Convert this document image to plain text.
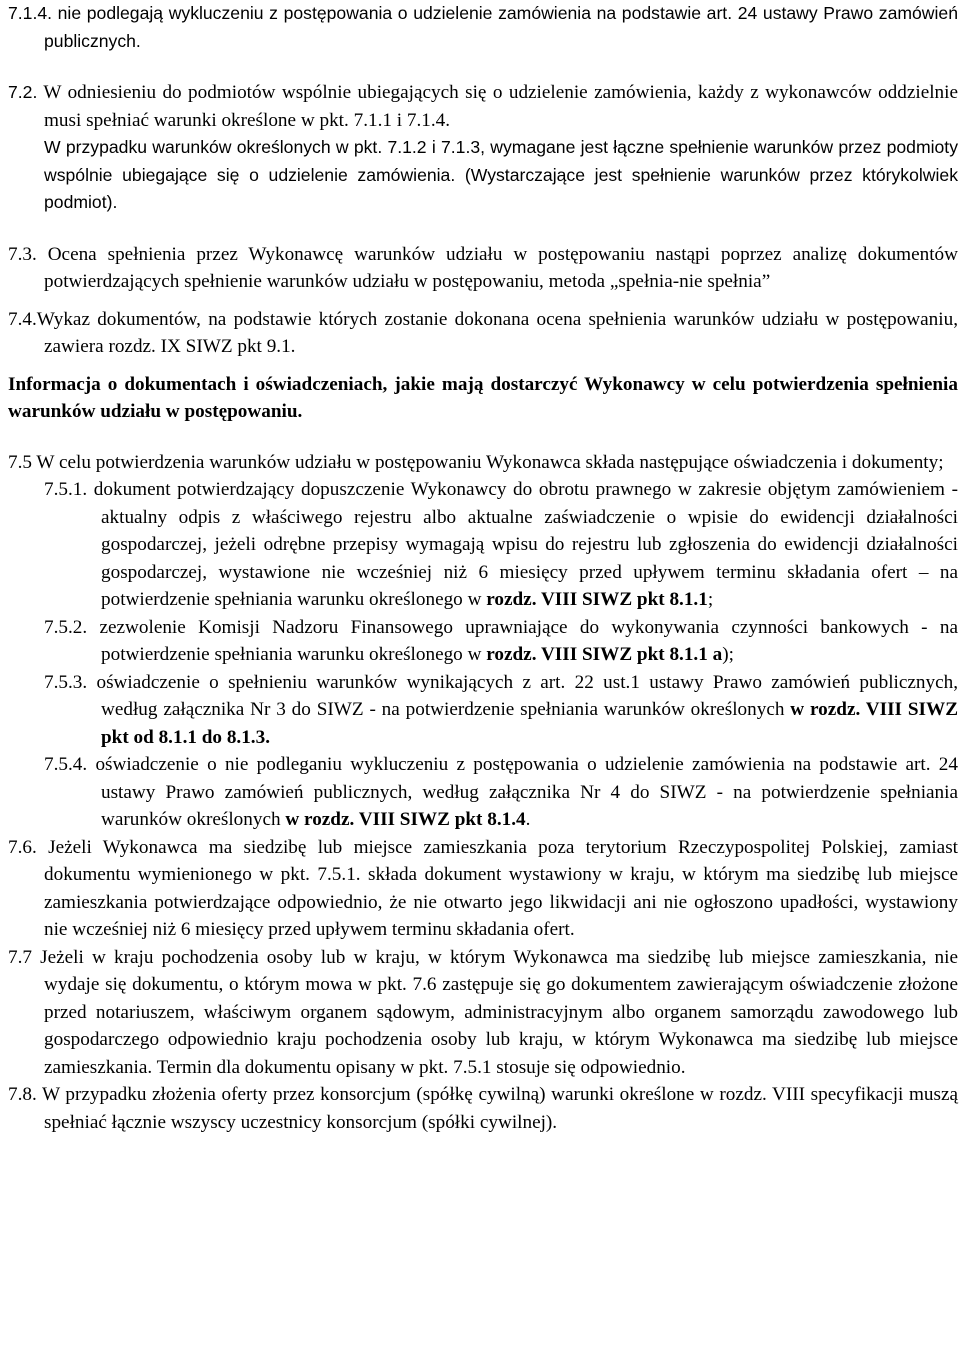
7.1.4. nie podlegają wykluczeniu z postępowania o udzielenie zamówienia na podstawie art. 24 ustawy Prawo zamówień publicznych.

7.2. W odniesieniu do podmiotów wspólnie ubiegających się o udzielenie zamówienia, każdy z wykonawców oddzielnie musi spełniać warunki określone w pkt. 7.1.1 i 7.1.4.
W przypadku warunków określonych w pkt. 7.1.2 i 7.1.3, wymagane jest łączne spełnienie warunków przez podmioty wspólnie ubiegające się o udzielenie zamówienia. (Wystarczające jest spełnienie warunków przez którykolwiek podmiot).

7.3. Ocena spełnienia przez Wykonawcę warunków udziału w postępowaniu nastąpi poprzez analizę dokumentów potwierdzających spełnienie warunków udziału w postępowaniu, metoda „spełnia-nie spełnia”

7.4.Wykaz dokumentów, na podstawie których zostanie dokonana ocena spełnienia warunków udziału w postępowaniu, zawiera rozdz. IX SIWZ pkt 9.1.

Informacja o dokumentach i oświadczeniach, jakie mają dostarczyć Wykonawcy w celu potwierdzenia spełnienia warunków udziału w postępowaniu.

7.5 W celu potwierdzenia warunków udziału w postępowaniu Wykonawca składa następujące oświadczenia i dokumenty;

7.5.1. dokument potwierdzający dopuszczenie Wykonawcy do obrotu prawnego w zakresie objętym zamówieniem - aktualny odpis z właściwego rejestru albo aktualne zaświadczenie o wpisie do ewidencji działalności gospodarczej, jeżeli odrębne przepisy wymagają wpisu do rejestru lub zgłoszenia do ewidencji działalności gospodarczej, wystawione nie wcześniej niż 6 miesięcy przed upływem terminu składania ofert – na potwierdzenie spełniania warunku określonego w rozdz. VIII SIWZ pkt 8.1.1;

7.5.2. zezwolenie Komisji Nadzoru Finansowego uprawniające do wykonywania czynności bankowych - na potwierdzenie spełniania warunku określonego w rozdz. VIII SIWZ pkt 8.1.1 a);

7.5.3. oświadczenie o spełnieniu warunków wynikających z art. 22 ust.1 ustawy Prawo zamówień publicznych, według załącznika Nr 3 do SIWZ - na potwierdzenie spełniania warunków określonych w rozdz. VIII SIWZ pkt od 8.1.1 do 8.1.3.

7.5.4. oświadczenie o nie podleganiu wykluczeniu z postępowania o udzielenie zamówienia na podstawie art. 24 ustawy Prawo zamówień publicznych, według załącznika Nr 4 do SIWZ - na potwierdzenie spełniania warunków określonych w rozdz. VIII SIWZ pkt 8.1.4.

7.6. Jeżeli Wykonawca ma siedzibę lub miejsce zamieszkania poza terytorium Rzeczypospolitej Polskiej, zamiast dokumentu wymienionego w pkt. 7.5.1. składa dokument wystawiony w kraju, w którym ma siedzibę lub miejsce zamieszkania potwierdzające odpowiednio, że nie otwarto jego likwidacji ani nie ogłoszono upadłości, wystawiony nie wcześniej niż 6 miesięcy przed upływem terminu składania ofert.

7.7 Jeżeli w kraju pochodzenia osoby lub w kraju, w którym Wykonawca ma siedzibę lub miejsce zamieszkania, nie wydaje się dokumentu, o którym mowa w pkt. 7.6 zastępuje się go dokumentem zawierającym oświadczenie złożone przed notariuszem, właściwym organem sądowym, administracyjnym albo organem samorządu zawodowego lub gospodarczego odpowiednio kraju pochodzenia osoby lub kraju, w którym Wykonawca ma siedzibę lub miejsce zamieszkania. Termin dla dokumentu opisany w pkt. 7.5.1 stosuje się odpowiednio.

7.8. W przypadku złożenia oferty przez konsorcjum (spółkę cywilną) warunki określone w rozdz. VIII specyfikacji muszą spełniać łącznie wszyscy uczestnicy konsorcjum (spółki cywilnej).
